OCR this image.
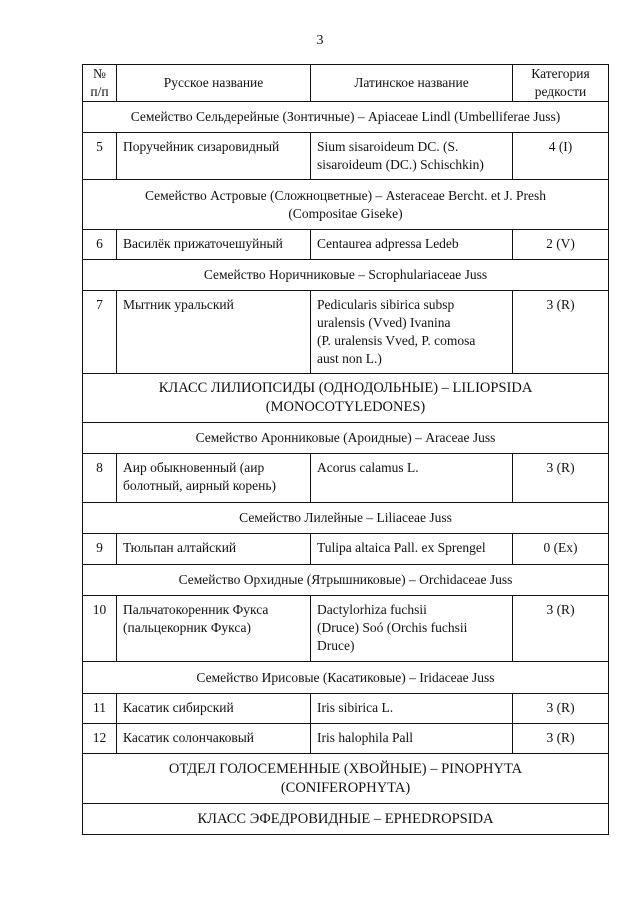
3
№
п/п	Русское название	Латинское название	Категория
редкости

Семейство Сельдерейные (Зонтичные) – Apiaceae Lindl (Umbelliferae Juss)			
5	Поручейник сизаровидный	Sium sisaroideum DC. (S.
sisaroideum (DC.) Schischkin)	4 (I)

Семейство Астровые (Сложноцветные) – Asteraceae Bercht. et J. Presh
(Compositae Giseke)			

6	Василёк прижаточешуйный	Centaurea adpressa Ledeb	2 (V)
Семейство Норичниковые – Scrophulariaceae Juss			
7	Мытник уральский	Pedicularis sibirica subsp
uralensis (Vved) Ivanina
(P. uralensis Vved, P. comosa
aust non L.)	3 (R)

КЛАСС ЛИЛИОПСИДЫ (ОДНОДОЛЬНЫЕ) – LILIOPSIDA
(MONOCOTYLEDONES)			

Семейство Аронниковые (Ароидные) – Araceae Juss			
8	Аир обыкновенный (аир
болотный, аирный корень)	Acorus calamus L.	3 (R)
Семейство Лилейные – Liliaceae Juss			
9	Тюльпан алтайский	Tulipa altaica Pall. ex Sprengel	0 (Ex)
Семейство Орхидные (Ятрышниковые) – Orchidaceae Juss			
10	Пальчатокоренник Фукса
(пальцекорник Фукса)	Dactylorhiza fuchsii
(Druce) Soó (Orchis fuchsii
Druce)	3 (R)
Семейство Ирисовые (Касатиковые) – Iridaceae Juss			
11	Касатик сибирский	Iris sibirica L.	3 (R)
12	Касатик солончаковый	Iris halophila Pall	3 (R)

ОТДЕЛ ГОЛОСЕМЕННЫЕ (ХВОЙНЫЕ) – PINOPHYTA
(CONIFEROPHYTA)			

КЛАСС ЭФЕДРОВИДНЫЕ – EPHEDROPSIDA			
